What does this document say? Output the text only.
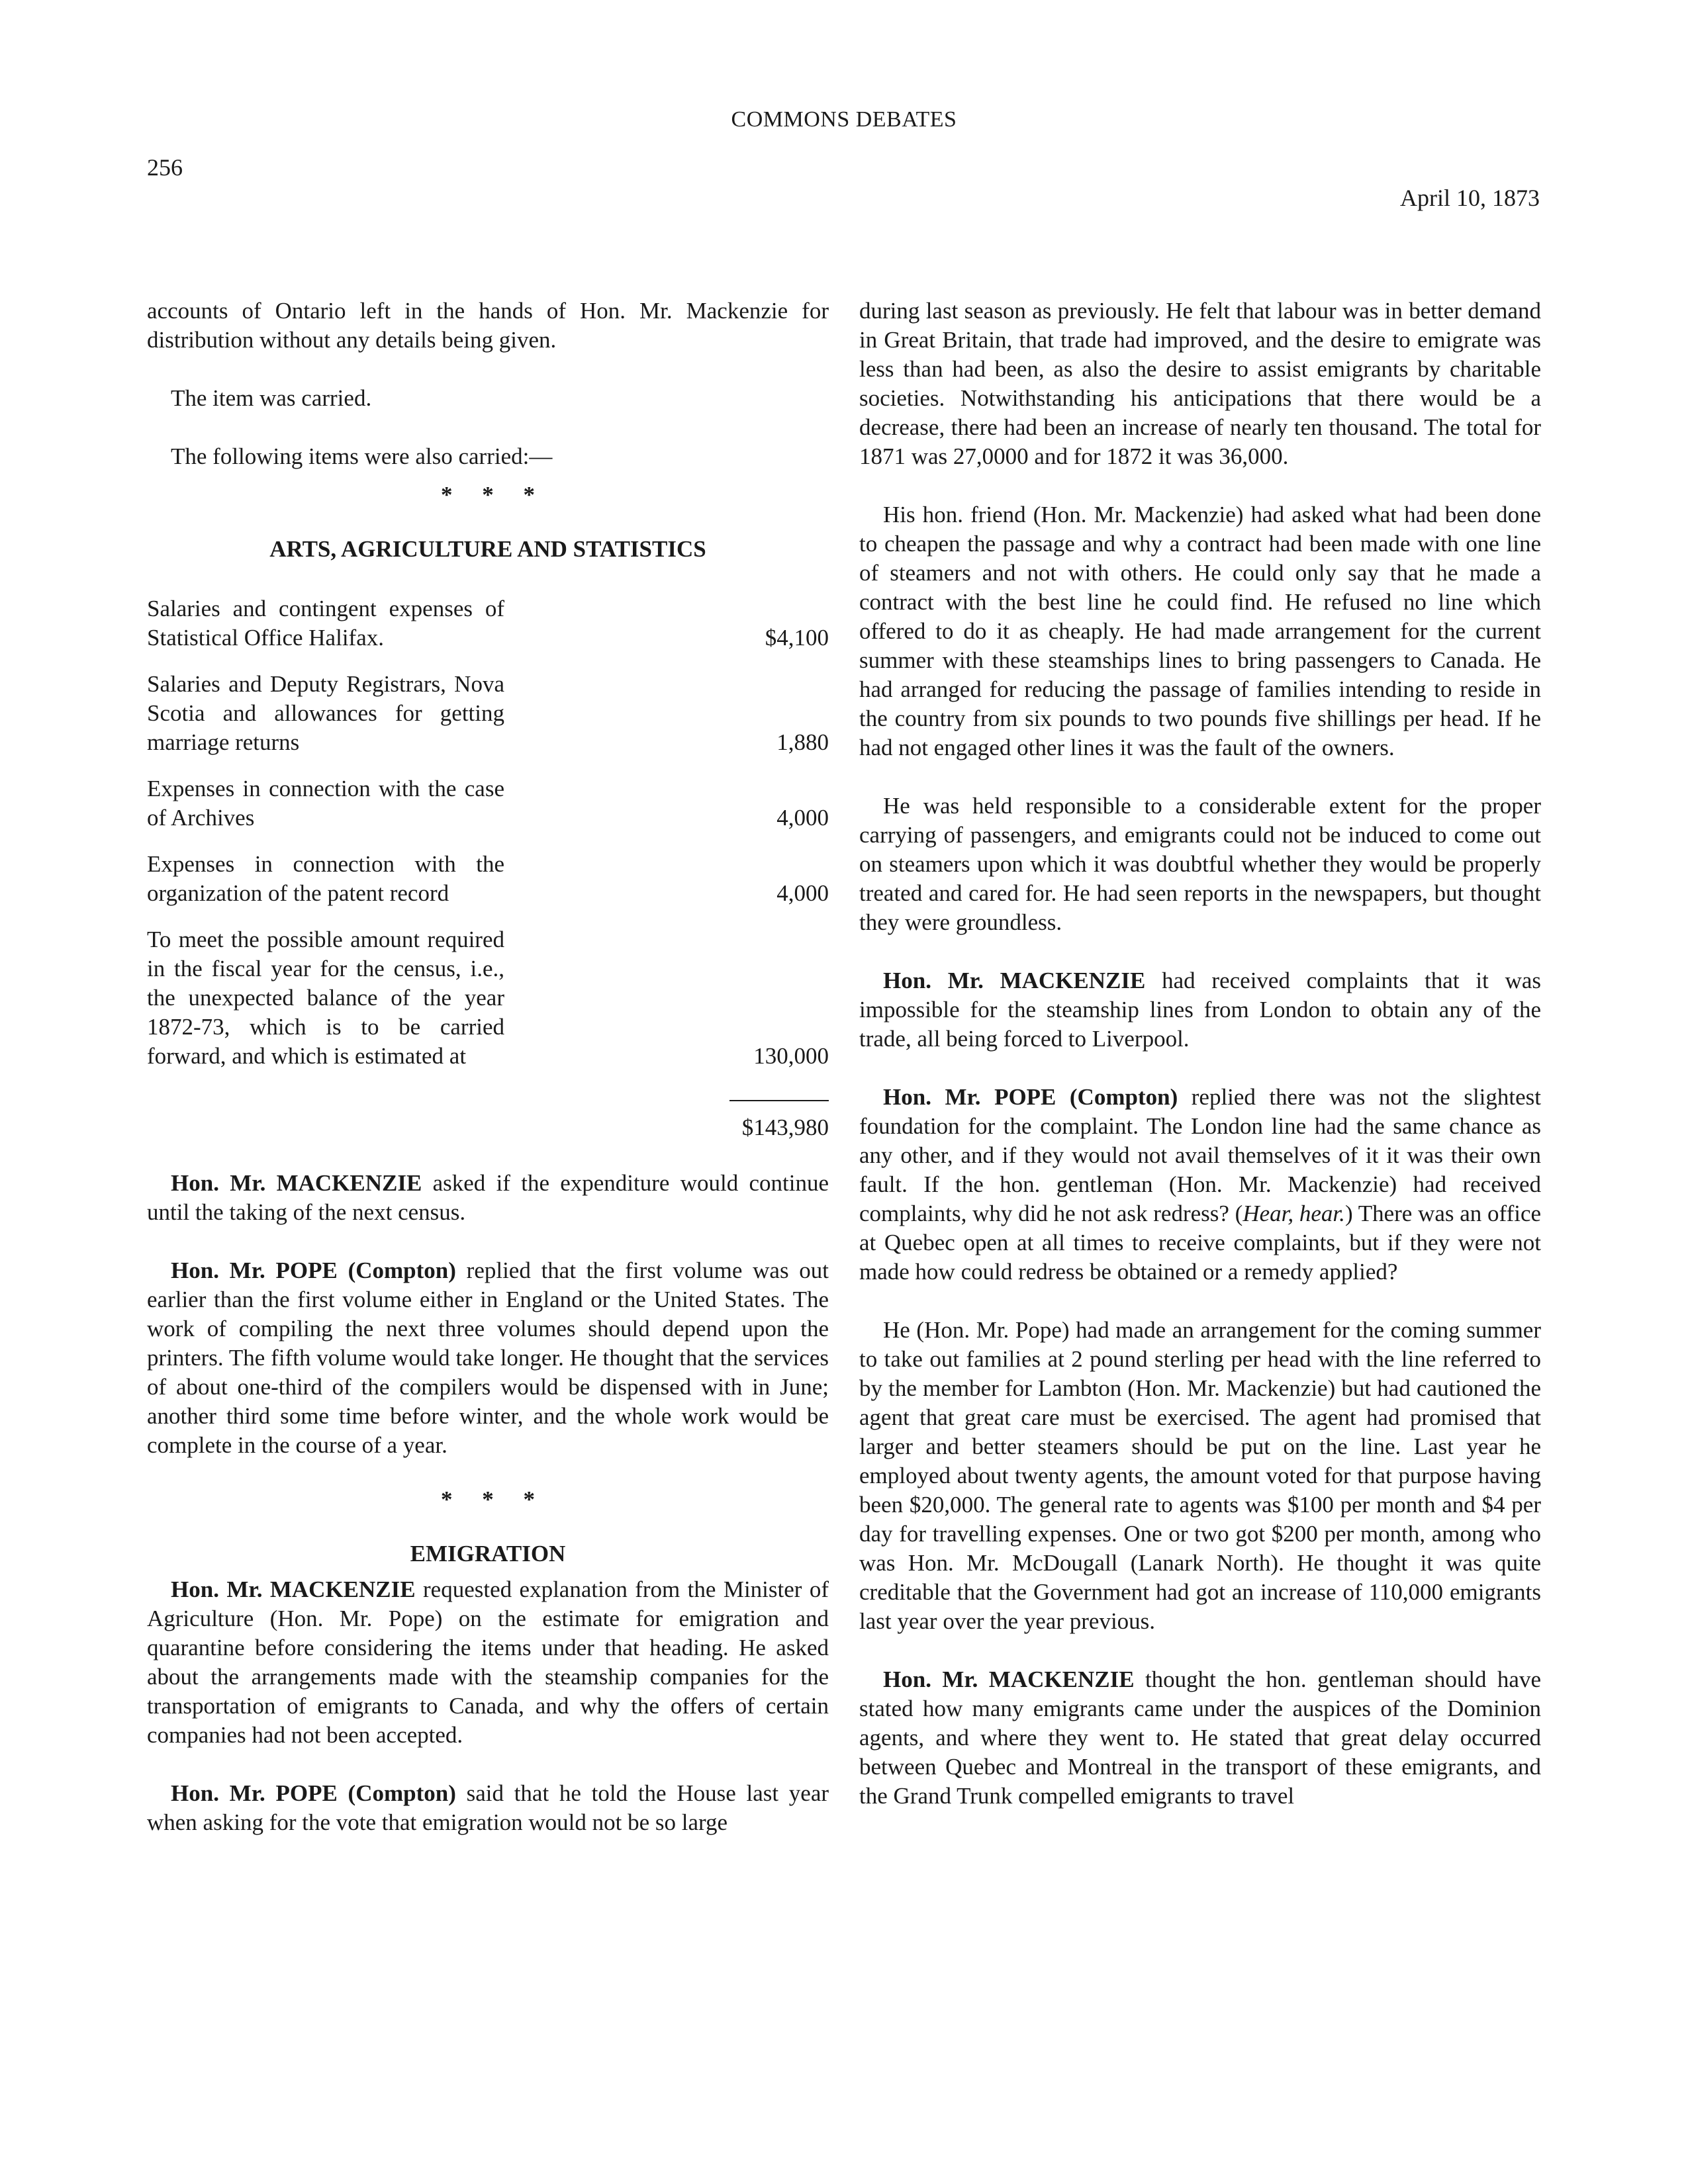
COMMONS DEBATES
256
April 10, 1873

accounts of Ontario left in the hands of Hon. Mr. Mackenzie for distribution without any details being given.

The item was carried.

The following items were also carried:—

* * *

ARTS, AGRICULTURE AND STATISTICS

Salaries and contingent expenses of Statistical Office Halifax.	$4,100
Salaries and Deputy Registrars, Nova Scotia and allowances for getting marriage returns	1,880
Expenses in connection with the case of Archives	4,000
Expenses in connection with the organization of the patent record	4,000
To meet the possible amount required in the fiscal year for the census, i.e., the unexpected balance of the year 1872-73, which is to be carried forward, and which is estimated at	130,000

$143,980

Hon. Mr. MACKENZIE asked if the expenditure would continue until the taking of the next census.

Hon. Mr. POPE (Compton) replied that the first volume was out earlier than the first volume either in England or the United States. The work of compiling the next three volumes should depend upon the printers. The fifth volume would take longer. He thought that the services of about one-third of the compilers would be dispensed with in June; another third some time before winter, and the whole work would be complete in the course of a year.

* * *

EMIGRATION

Hon. Mr. MACKENZIE requested explanation from the Minister of Agriculture (Hon. Mr. Pope) on the estimate for emigration and quarantine before considering the items under that heading. He asked about the arrangements made with the steamship companies for the transportation of emigrants to Canada, and why the offers of certain companies had not been accepted.

Hon. Mr. POPE (Compton) said that he told the House last year when asking for the vote that emigration would not be so large

during last season as previously. He felt that labour was in better demand in Great Britain, that trade had improved, and the desire to emigrate was less than had been, as also the desire to assist emigrants by charitable societies. Notwithstanding his anticipations that there would be a decrease, there had been an increase of nearly ten thousand. The total for 1871 was 27,0000 and for 1872 it was 36,000.

His hon. friend (Hon. Mr. Mackenzie) had asked what had been done to cheapen the passage and why a contract had been made with one line of steamers and not with others. He could only say that he made a contract with the best line he could find. He refused no line which offered to do it as cheaply. He had made arrangement for the current summer with these steamships lines to bring passengers to Canada. He had arranged for reducing the passage of families intending to reside in the country from six pounds to two pounds five shillings per head. If he had not engaged other lines it was the fault of the owners.

He was held responsible to a considerable extent for the proper carrying of passengers, and emigrants could not be induced to come out on steamers upon which it was doubtful whether they would be properly treated and cared for. He had seen reports in the newspapers, but thought they were groundless.

Hon. Mr. MACKENZIE had received complaints that it was impossible for the steamship lines from London to obtain any of the trade, all being forced to Liverpool.

Hon. Mr. POPE (Compton) replied there was not the slightest foundation for the complaint. The London line had the same chance as any other, and if they would not avail themselves of it it was their own fault. If the hon. gentleman (Hon. Mr. Mackenzie) had received complaints, why did he not ask redress? (Hear, hear.) There was an office at Quebec open at all times to receive complaints, but if they were not made how could redress be obtained or a remedy applied?

He (Hon. Mr. Pope) had made an arrangement for the coming summer to take out families at 2 pound sterling per head with the line referred to by the member for Lambton (Hon. Mr. Mackenzie) but had cautioned the agent that great care must be exercised. The agent had promised that larger and better steamers should be put on the line. Last year he employed about twenty agents, the amount voted for that purpose having been $20,000. The general rate to agents was $100 per month and $4 per day for travelling expenses. One or two got $200 per month, among who was Hon. Mr. McDougall (Lanark North). He thought it was quite creditable that the Government had got an increase of 110,000 emigrants last year over the year previous.

Hon. Mr. MACKENZIE thought the hon. gentleman should have stated how many emigrants came under the auspices of the Dominion agents, and where they went to. He stated that great delay occurred between Quebec and Montreal in the transport of these emigrants, and the Grand Trunk compelled emigrants to travel
